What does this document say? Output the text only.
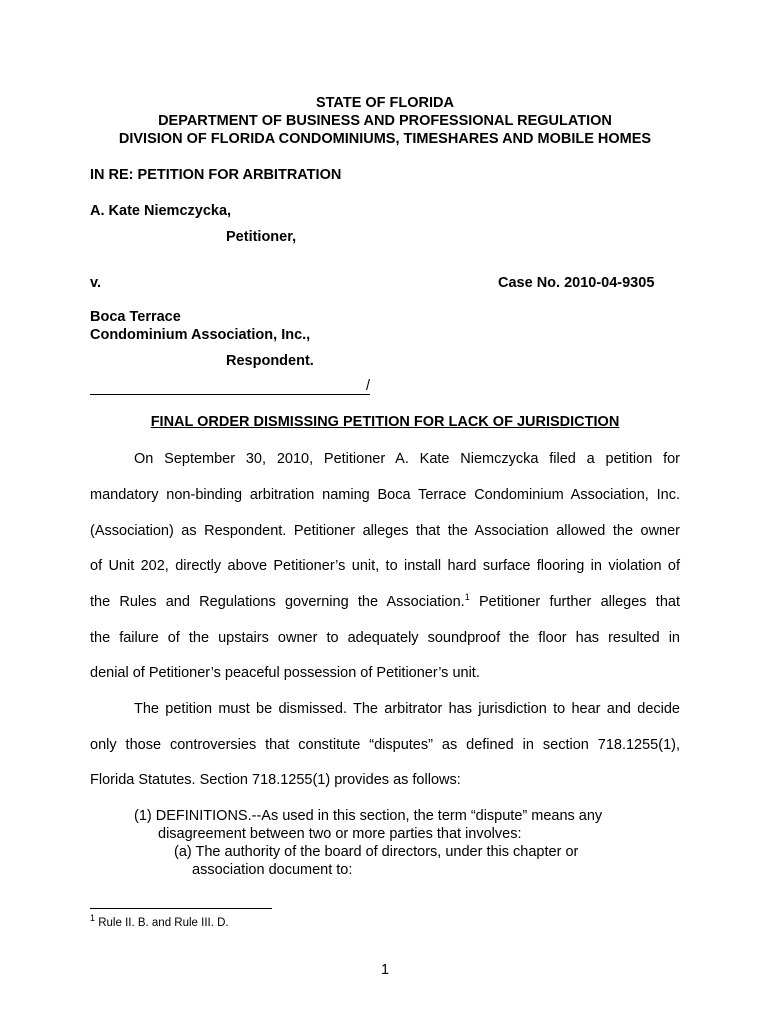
STATE OF FLORIDA
DEPARTMENT OF BUSINESS AND PROFESSIONAL REGULATION
DIVISION OF FLORIDA CONDOMINIUMS, TIMESHARES AND MOBILE HOMES
IN RE: PETITION FOR ARBITRATION
A. Kate Niemczycka,
Petitioner,
v.	Case No. 2010-04-9305
Boca Terrace
Condominium Association, Inc.,
Respondent.
/
FINAL ORDER DISMISSING PETITION FOR LACK OF JURISDICTION
On September 30, 2010, Petitioner A. Kate Niemczycka filed a petition for
mandatory non-binding arbitration naming Boca Terrace Condominium Association, Inc.
(Association) as Respondent. Petitioner alleges that the Association allowed the owner
of Unit 202, directly above Petitioner’s unit, to install hard surface flooring in violation of
the Rules and Regulations governing the Association.$^1$ Petitioner further alleges that
the failure of the upstairs owner to adequately soundproof the floor has resulted in
denial of Petitioner’s peaceful possession of Petitioner’s unit.
The petition must be dismissed. The arbitrator has jurisdiction to hear and decide
only those controversies that constitute “disputes” as defined in section 718.1255(1),
Florida Statutes. Section 718.1255(1) provides as follows:
(1) DEFINITIONS.--As used in this section, the term “dispute” means any
disagreement between two or more parties that involves:
(a) The authority of the board of directors, under this chapter or
association document to:
$^1$ Rule II. B. and Rule III. D.
1
